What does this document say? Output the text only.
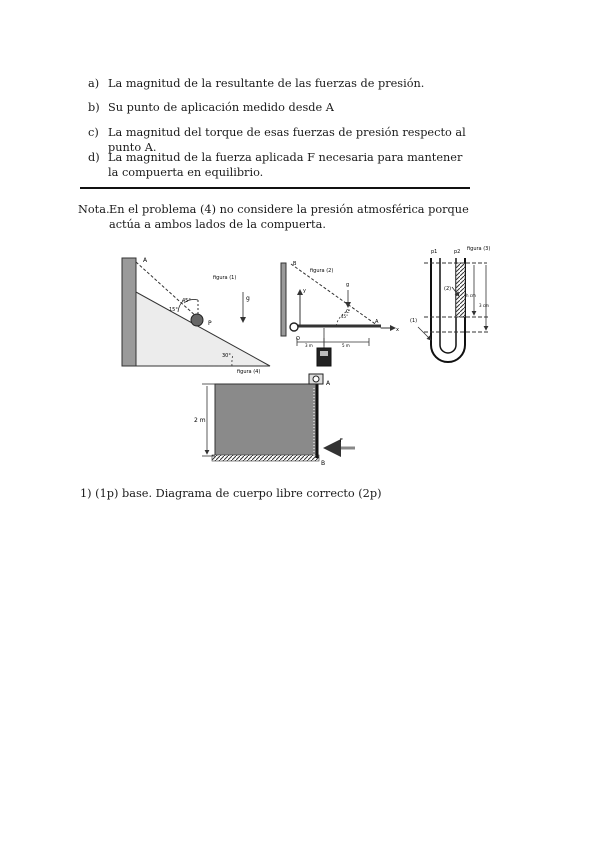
a) La magnitud de la resultante de las fuerzas de presión.
b) Su punto de aplicación medido desde A
c) La magnitud del torque de esas fuerzas de presión respecto al punto A.
d) La magnitud de la fuerza aplicada F necesaria para mantener la compuerta en equilibrio.
Nota. En el problema (4) no considere la presión atmosférica porque actúa a ambos lados de la compuerta.
A
P
45°
15°
30°
figura (1)
g
B
A
C
O
y
x
g
45°
3 m	5 m
figura (2)
p1	p2 figura (3)
(1)
(2)
h cm
3 cm
A
B
F
2 m
figura (4)
1) (1p) base. Diagrama de cuerpo libre correcto (2p)
